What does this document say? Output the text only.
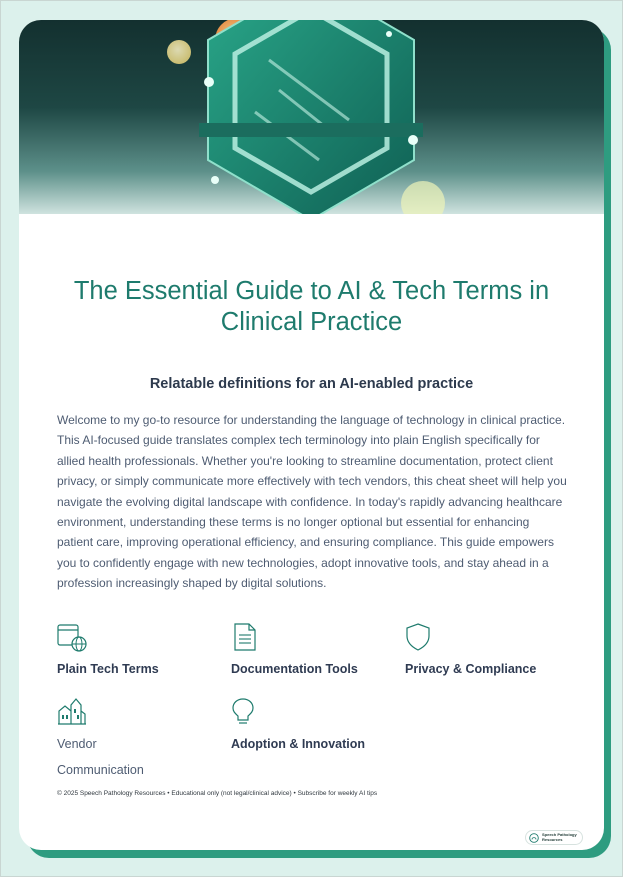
The Essential Guide to AI & Tech Terms in Clinical Practice
Relatable definitions for an AI-enabled practice

Welcome to my go-to resource for understanding the language of technology in clinical practice. This AI-focused guide translates complex tech terminology into plain English specifically for allied health professionals. Whether you're looking to streamline documentation, protect client privacy, or simply communicate more effectively with tech vendors, this cheat sheet will help you navigate the evolving digital landscape with confidence. In today's rapidly advancing healthcare environment, understanding these terms is no longer optional but essential for enhancing patient care, improving operational efficiency, and ensuring compliance. This guide empowers you to confidently engage with new technologies, adopt innovative tools, and stay ahead in a profession increasingly shaped by digital solutions.

Plain Tech Terms	Documentation Tools	Privacy & Compliance
Vendor Communication
Adoption & Innovation
© 2025 Speech Pathology Resources • Educational only (not legal/clinical advice) • Subscribe for weekly AI tips
Speech Pathology Resources
